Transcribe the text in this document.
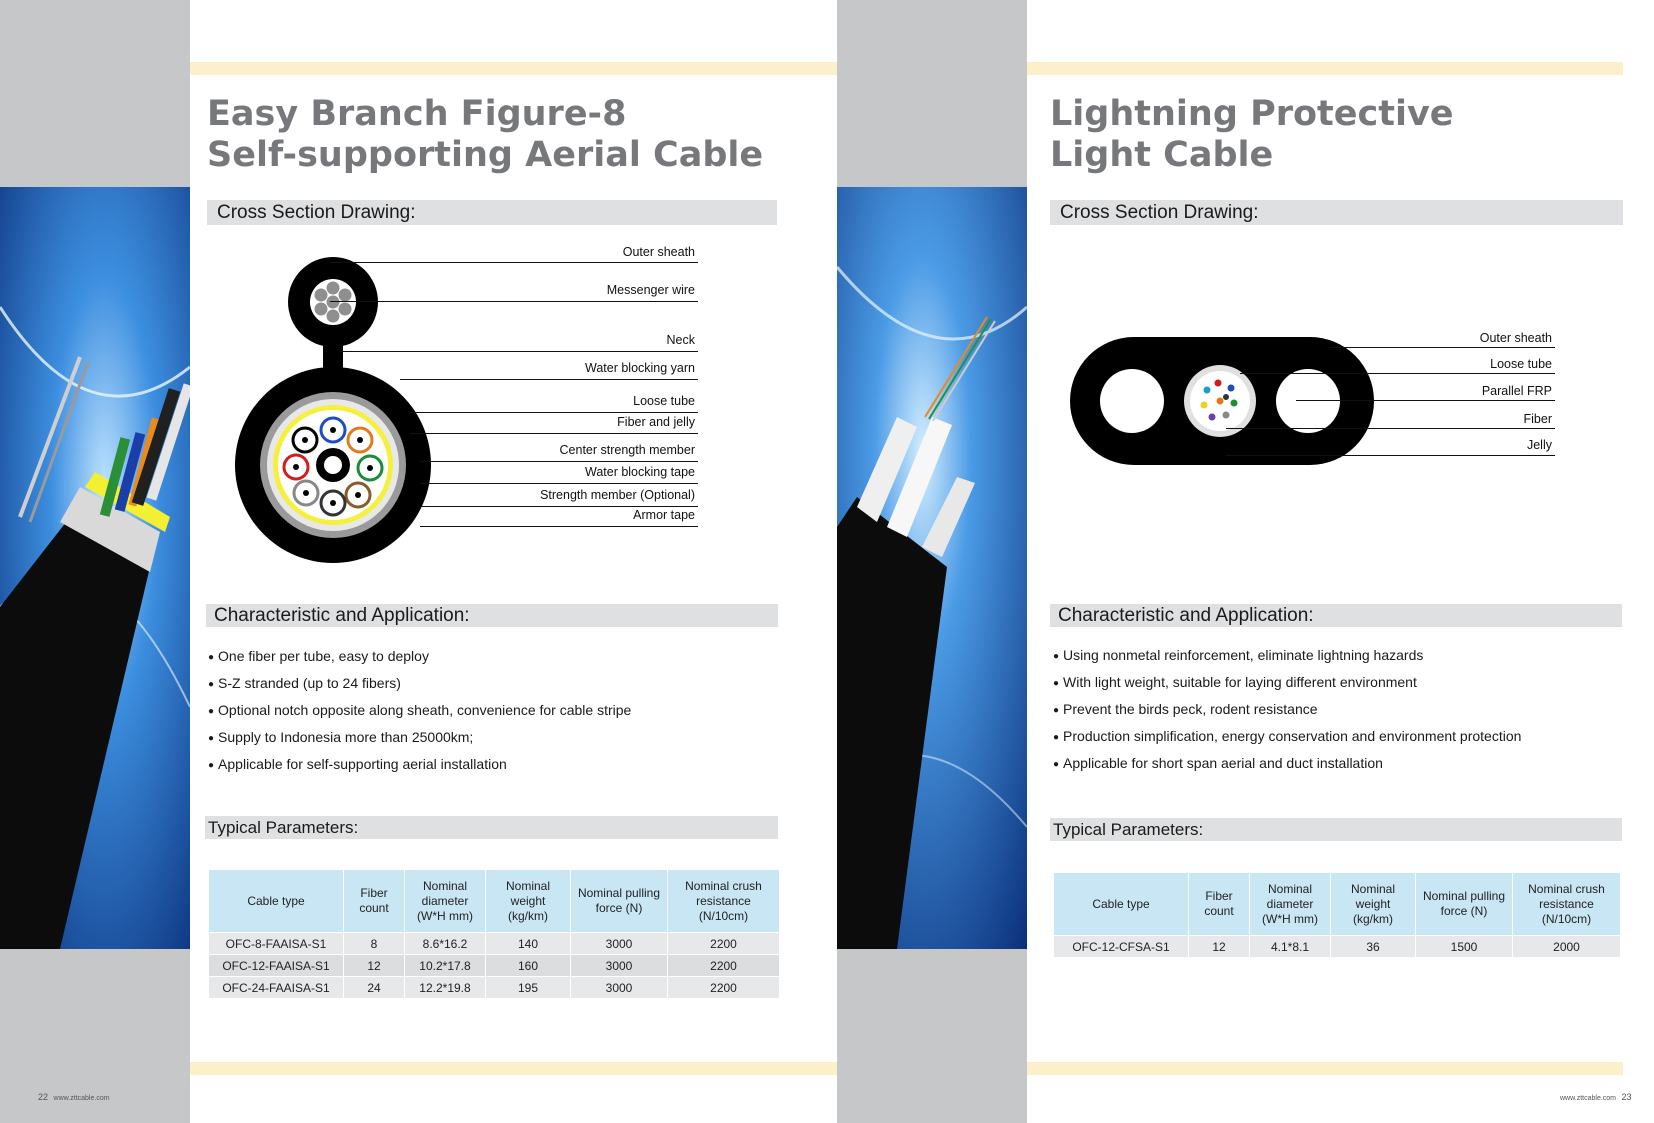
Easy Branch Figure-8
Self-supporting Aerial Cable
Cross Section Drawing:
Outer sheath
Messenger wire
Neck
Water blocking yarn
Loose tube
Fiber and jelly
Center strength member
Water blocking tape
Strength member (Optional)
Armor tape
Characteristic and Application:
● One fiber per tube, easy to deploy
● S-Z stranded (up to 24 fibers)
● Optional notch opposite along sheath, convenience for cable stripe
● Supply to Indonesia more than 25000km;
● Applicable for self-supporting aerial installation
Typical Parameters:
Cable type	Fiber count	Nominal diameter (W*H mm)	Nominal weight (kg/km)	Nominal pulling force (N)	Nominal crush resistance (N/10cm)
OFC-8-FAAISA-S1	8	8.6*16.2	140	3000	2200
OFC-12-FAAISA-S1	12	10.2*17.8	160	3000	2200
OFC-24-FAAISA-S1	24	12.2*19.8	195	3000	2200
22 www.zttcable.com
Lightning Protective
Light Cable
Cross Section Drawing:
Outer sheath
Loose tube
Parallel FRP
Fiber
Jelly
Characteristic and Application:
● Using nonmetal reinforcement, eliminate lightning hazards
● With light weight, suitable for laying different environment
● Prevent the birds peck, rodent resistance
● Production simplification, energy conservation and environment protection
● Applicable for short span aerial and duct installation
Typical Parameters:
Cable type	Fiber count	Nominal diameter (W*H mm)	Nominal weight (kg/km)	Nominal pulling force (N)	Nominal crush resistance (N/10cm)
OFC-12-CFSA-S1	12	4.1*8.1	36	1500	2000
www.zttcable.com 23
